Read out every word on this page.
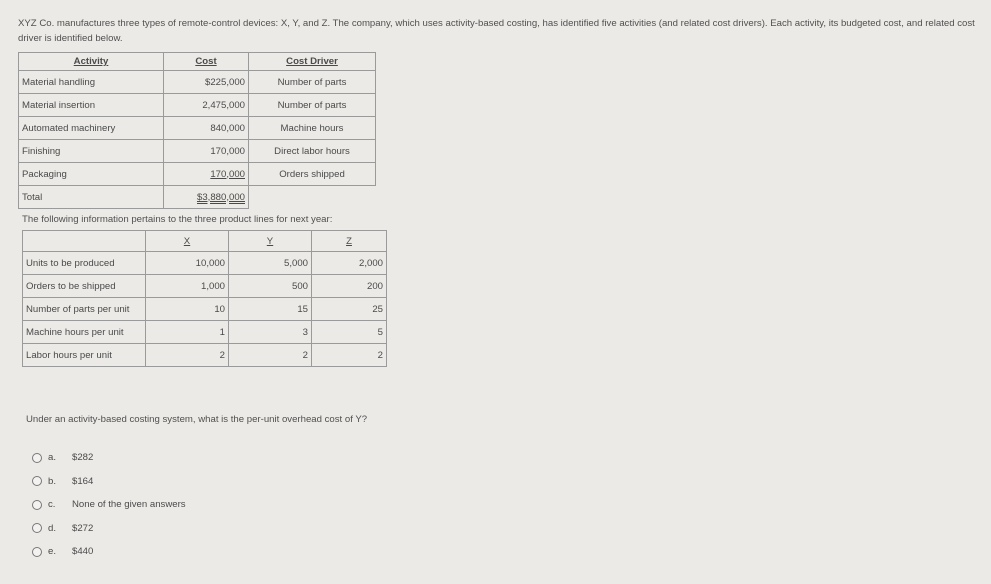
XYZ Co. manufactures three types of remote-control devices: X, Y, and Z. The company, which uses activity-based costing, has identified five activities (and related cost drivers). Each activity, its budgeted cost, and related cost driver is identified below.
Activity	Cost	Cost Driver
Material handling	$225,000	Number of parts
Material insertion	2,475,000	Number of parts
Automated machinery	840,000	Machine hours
Finishing	170,000	Direct labor hours
Packaging	170,000	Orders shipped
Total	$3,880,000	
The following information pertains to the three product lines for next year:
	X	Y	Z
Units to be produced	10,000	5,000	2,000
Orders to be shipped	1,000	500	200
Number of parts per unit	10	15	25
Machine hours per unit	1	3	5
Labor hours per unit	2	2	2
Under an activity-based costing system, what is the per-unit overhead cost of Y?
a.	$282
b.	$164
c.	None of the given answers
d.	$272
e.	$440
